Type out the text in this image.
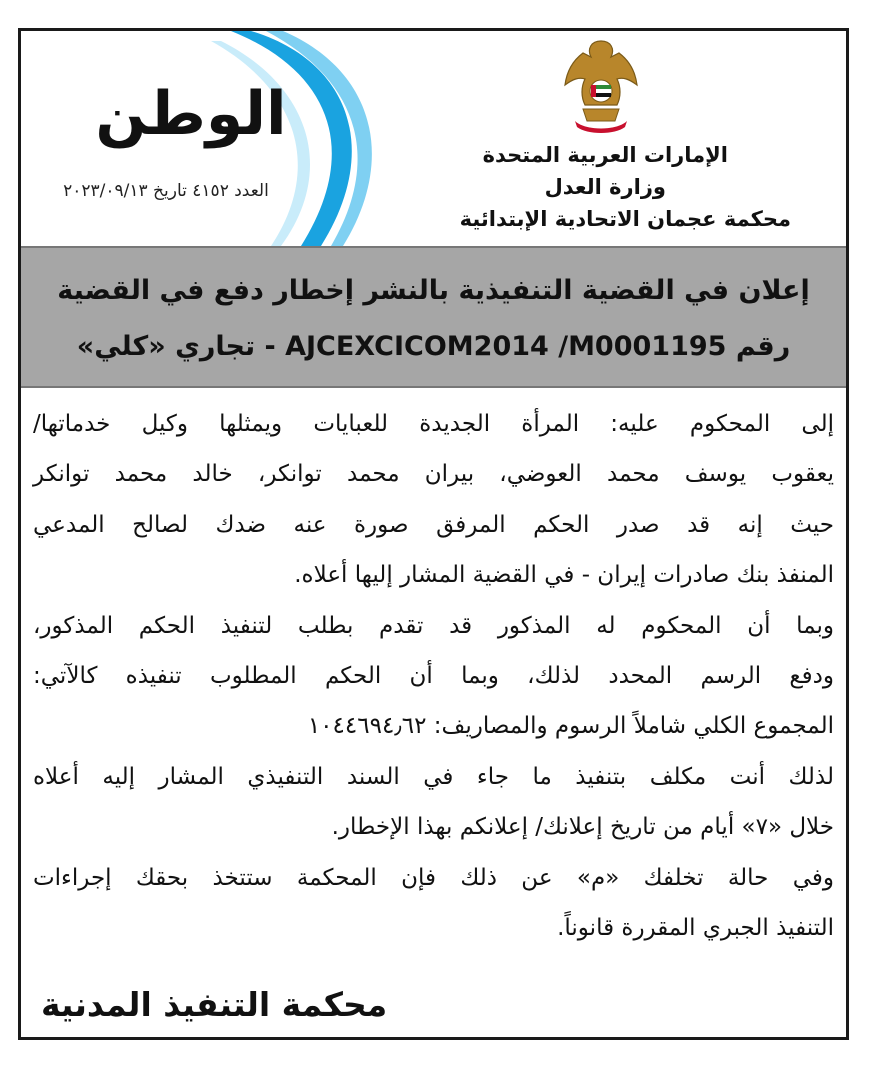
الوطن
العدد ٤١٥٢ تاريخ ٢٠٢٣/٠٩/١٣
الإمارات العربية المتحدة
وزارة العدل
محكمة عجمان الاتحادية الإبتدائية
إعلان في القضية التنفيذية بالنشر إخطار دفع في القضية
رقم AJCEXCICOM2014 /M0001195 - تجاري «كلي»
إلى المحكوم عليه: المرأة الجديدة للعبايات ويمثلها وكيل خدماتها/
يعقوب يوسف محمد العوضي، بيران محمد توانكر، خالد محمد توانكر
حيث إنه قد صدر الحكم المرفق صورة عنه ضدك لصالح المدعي
المنفذ بنك صادرات إيران - في القضية المشار إليها أعلاه.
وبما أن المحكوم له المذكور قد تقدم بطلب لتنفيذ الحكم المذكور،
ودفع الرسم المحدد لذلك، وبما أن الحكم المطلوب تنفيذه كالآتي:
المجموع الكلي شاملاً الرسوم والمصاريف: ١٠٤٤٦٩٤٫٦٢
لذلك أنت مكلف بتنفيذ ما جاء في السند التنفيذي المشار إليه أعلاه
خلال «٧» أيام من تاريخ إعلانك/ إعلانكم بهذا الإخطار.
وفي حالة تخلفك «م» عن ذلك فإن المحكمة ستتخذ بحقك إجراءات
التنفيذ الجبري المقررة قانوناً.
محكمة التنفيذ المدنية
